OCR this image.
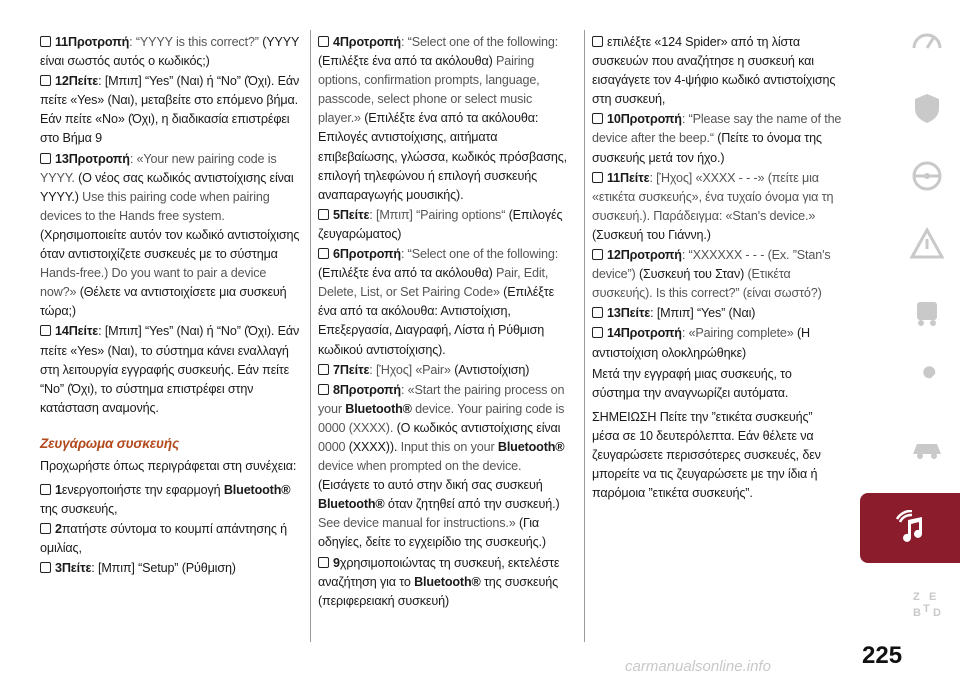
11Προτροπή: “YYYY is this correct?” (YYYY είναι σωστός αυτός ο κωδικός;)
12Πείτε: [Μπιπ] “Yes” (Ναι) ή “No” (Όχι). Εάν πείτε «Yes» (Ναι), μεταβείτε στο επόμενο βήμα. Εάν πείτε «No» (Όχι), η διαδικασία επιστρέφει στο Βήμα 9
13Προτροπή: «Your new pairing code is YYYY. (Ο νέος σας κωδικός αντιστοίχισης είναι YYYY.) Use this pairing code when pairing devices to the Hands free system. (Χρησιμοποιείτε αυτόν τον κωδικό αντιστοίχισης όταν αντιστοιχίζετε συσκευές με το σύστημα Hands-free.) Do you want to pair a device now?» (Θέλετε να αντιστοιχίσετε μια συσκευή τώρα;)
14Πείτε: [Μπιπ] “Yes” (Ναι) ή “No” (Όχι). Εάν πείτε «Yes» (Ναι), το σύστημα κάνει εναλλαγή στη λειτουργία εγγραφής συσκευής. Εάν πείτε “No” (Όχι), το σύστημα επιστρέφει στην κατάσταση αναμονής.
Ζευγάρωμα συσκευής
Προχωρήστε όπως περιγράφεται στη συνέχεια:
1ενεργοποιήστε την εφαρμογή Bluetooth® της συσκευής,
2πατήστε σύντομα το κουμπί απάντησης ή ομιλίας,
3Πείτε: [Μπιπ] “Setup” (Ρύθμιση)
4Προτροπή: “Select one of the following: (Επιλέξτε ένα από τα ακόλουθα) Pairing options, confirmation prompts, language, passcode, select phone or select music player.» (Επιλέξτε ένα από τα ακόλουθα: Επιλογές αντιστοίχισης, αιτήματα επιβεβαίωσης, γλώσσα, κωδικός πρόσβασης, επιλογή τηλεφώνου ή επιλογή συσκευής αναπαραγωγής μουσικής).
5Πείτε: [Μπιπ] “Pairing options“ (Επιλογές ζευγαρώματος)
6Προτροπή: “Select one of the following: (Επιλέξτε ένα από τα ακόλουθα) Pair, Edit, Delete, List, or Set Pairing Code» (Επιλέξτε ένα από τα ακόλουθα: Αντιστοίχιση, Επεξεργασία, Διαγραφή, Λίστα ή Ρύθμιση κωδικού αντιστοίχισης).
7Πείτε: [Ήχος] «Pair» (Αντιστοίχιση)
8Προτροπή: «Start the pairing process on your Bluetooth® device. Your pairing code is 0000 (XXXX). (Ο κωδικός αντιστοίχισης είναι 0000 (XXXX)). Input this on your Bluetooth® device when prompted on the device. (Εισάγετε το αυτό στην δική σας συσκευή Bluetooth® όταν ζητηθεί από την συσκευή.) See device manual for instructions.» (Για οδηγίες, δείτε το εγχειρίδιο της συσκευής.)
9χρησιμοποιώντας τη συσκευή, εκτελέστε αναζήτηση για το Bluetooth® της συσκευής (περιφερειακή συσκευή)
επιλέξτε «124 Spider» από τη λίστα συσκευών που αναζήτησε η συσκευή και εισαγάγετε τον 4-ψήφιο κωδικό αντιστοίχισης στη συσκευή,
10Προτροπή: “Please say the name of the device after the beep.“ (Πείτε το όνομα της συσκευής μετά τον ήχο.)
11Πείτε: [Ήχος] «XXXX - - -» (πείτε μια «ετικέτα συσκευής», ένα τυχαίο όνομα για τη συσκευή.). Παράδειγμα: «Stan's device.» (Συσκευή του Γιάννη.)
12Προτροπή: “XXXXXX - - - (Ex. ”Stan's device”) (Συσκευή του Σταν) (Ετικέτα συσκευής). Is this correct?” (είναι σωστό?)
13Πείτε: [Μπιπ] “Yes” (Ναι)
14Προτροπή: «Pairing complete» (Η αντιστοίχιση ολοκληρώθηκε)
Μετά την εγγραφή μιας συσκευής, το σύστημα την αναγνωρίζει αυτόματα.
ΣΗΜΕΙΩΣΗ Πείτε την ”ετικέτα συσκευής” μέσα σε 10 δευτερόλεπτα. Εάν θέλετε να ζευγαρώσετε περισσότερες συσκευές, δεν μπορείτε να τις ζευγαρώσετε με την ίδια ή παρόμοια ”ετικέτα συσκευής”.
Z E
B T D
225
carmanualsonline.info
